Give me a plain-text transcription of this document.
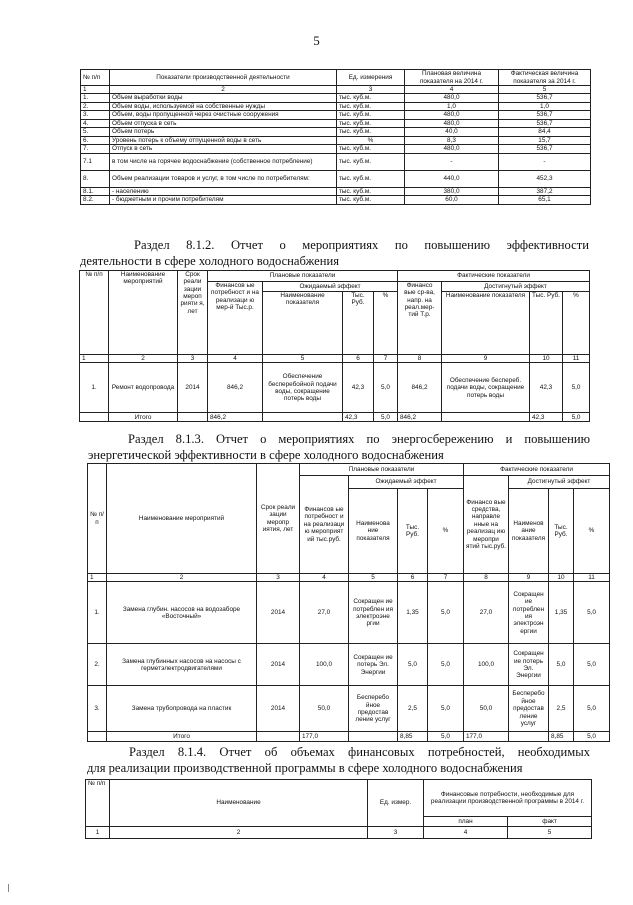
5
№ п/п	Показатели производственной деятельности	Ед. измерения	Плановая величина показателя на 2014 г.	Фактическая величина показателя за 2014 г.
1	2	3	4	5
1.	Объем выработки воды	тыс. куб.м.	480,0	536,7
2.	Объем воды, используемой на собственные нужды	тыс. куб.м.	1,0	1,0
3.	Объем, воды пропущенной через очистные сооружения	тыс. куб.м.	480,0	536,7
4.	Объем отпуска в сеть	тыс. куб.м.	480,0	536,7
5.	Объем потерь	тыс. куб.м.	40,0	84,4
6.	Уровень потерь к объему отпущенной воды в сеть	%	8,3	15,7
7.	Отпуск в сеть	тыс. куб.м.	480,0	536,7
7.1	в том числе на горячее водоснабжение (собственное потребление)	тыс. куб.м.	-	-
8.	Объем реализации товаров и услуг, в том числе по потребителям:	тыс. куб.м.	440,0	452,3
8.1.	- населению	тыс. куб.м.	380,0	387,2
8.2.	- бюджетным и прочим потребителям	тыс. куб.м.	60,0	65,1
Раздел 8.1.2. Отчет о мероприятиях по повышению эффективности
деятельности в сфере холодного водоснабжения
№ п/п	Наименование мероприятий	Срок реали зации мероп рияти я, лет	Плановые показатели				Фактические показатели			
			Финансов ые потребност и на реализаци ю мер-й Тыс.р.	Ожидаемый эффект			Финансо вые ср-ва, напр. на реал.мер-тий Т.р.	Достигнутый эффект		
				Наименование показателя	Тыс. Руб.	%		Наименование показателя	Тыс. Руб.	%
1	2	3	4	5	6	7	8	9	10	11
1.	Ремонт водопровода	2014	846,2	Обеспечение бесперебойной подачи воды, сокращение потерь воды	42,3	5,0	846,2	Обеспечение беспереб. подачи воды, сокращение потерь воды	42,3	5,0
	Итого		846,2		42,3	5,0	846,2		42,3	5,0
Раздел 8.1.3. Отчет о мероприятиях по энергосбережению и повышению
энергетической эффективности в сфере холодного водоснабжения
№ п/п	Наименование мероприятий	Срок реали зации меропр иятия, лет	Плановые показатели				Фактические показатели			
			Финансов ые потребност и на реализаци ю мероприят ий тыс.руб.	Ожидаемый эффект			Финансо вые средства, направле нные на реализац ию меропри ятий тыс.руб.	Достигнутый эффект		
				Наименова ние показателя	Тыс. Руб.	%		Наименов ание показателя	Тыс. Руб.	%
1	2	3	4	5	6	7	8	9	10	11
1.	Замена глубин. насосов на водозаборе «Восточный»	2014	27,0	Сокращен ие потреблен ия электроэне ргии	1,35	5,0	27,0	Сокращен ие потреблен ия электроэн ергии	1,35	5,0
2.	Замена глубинных насосов на насосы с герметэлектродвигателями	2014	100,0	Сокращен ие потерь Эл. Энергии	5,0	5,0	100,0	Сокращен ие потерь Эл. Энергии	5,0	5,0
3.	Замена трубопровода на пластик	2014	50,0	Бесперебо йное предостав ление услуг	2,5	5,0	50,0	Бесперебо йное предостав ление услуг	2,5	5,0
	Итого		177,0		8,85	5,0	177,0		8,85	5,0
Раздел 8.1.4. Отчет об объемах финансовых потребностей, необходимых
для реализации производственной программы в сфере холодного водоснабжения
№ п/п	Наименование	Ед. измер.	Финансовые потребности, необходимые для реализации производственной программы в 2014 г.	
			план	факт
1	2	3	4	5
